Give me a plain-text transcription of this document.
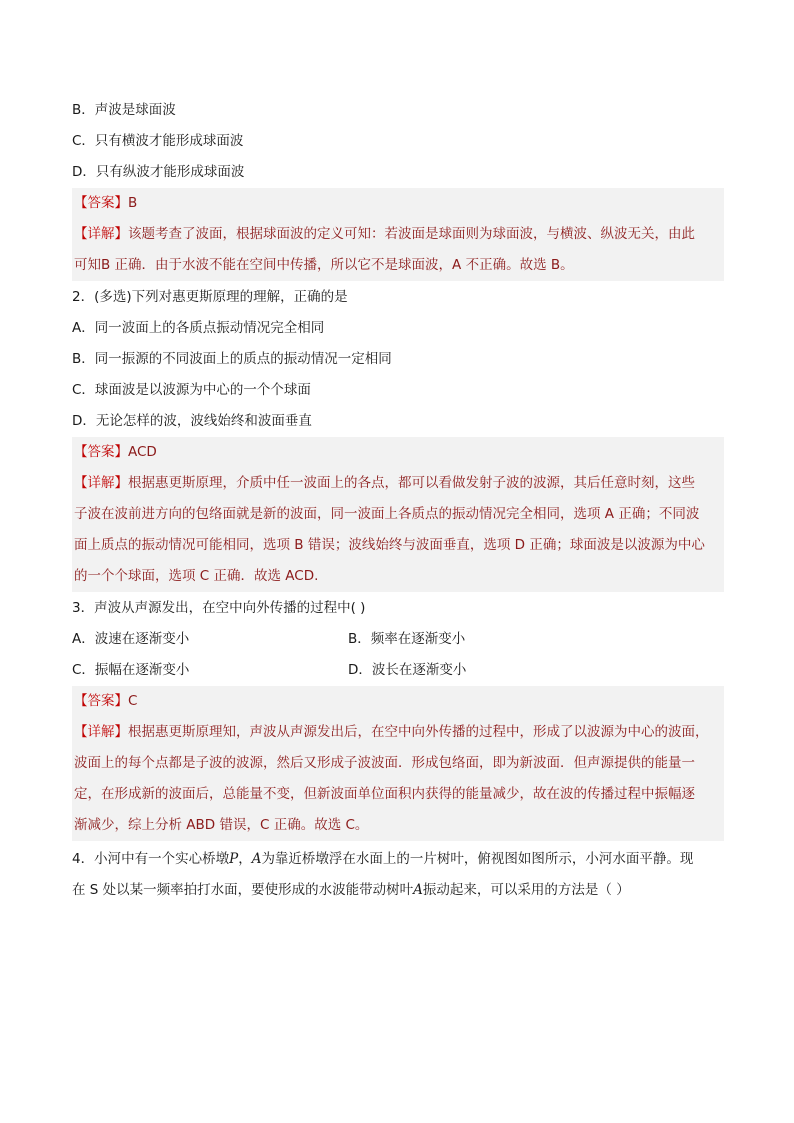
B．声波是球面波
C．只有横波才能形成球面波
D．只有纵波才能形成球面波
【答案】B
【详解】该题考查了波面，根据球面波的定义可知：若波面是球面则为球面波，与横波、纵波无关，由此
可知B 正确．由于水波不能在空间中传播，所以它不是球面波，A 不正确。故选 B。
2．(多选)下列对惠更斯原理的理解，正确的是
A．同一波面上的各质点振动情况完全相同
B．同一振源的不同波面上的质点的振动情况一定相同
C．球面波是以波源为中心的一个个球面
D．无论怎样的波，波线始终和波面垂直
【答案】ACD
【详解】根据惠更斯原理，介质中任一波面上的各点，都可以看做发射子波的波源，其后任意时刻，这些
子波在波前进方向的包络面就是新的波面，同一波面上各质点的振动情况完全相同，选项 A 正确；不同波
面上质点的振动情况可能相同，选项 B 错误；波线始终与波面垂直，选项 D 正确；球面波是以波源为中心
的一个个球面，选项 C 正确．故选 ACD.
3．声波从声源发出，在空中向外传播的过程中( )
A．波速在逐渐变小	B．频率在逐渐变小
C．振幅在逐渐变小	D．波长在逐渐变小
【答案】C
【详解】根据惠更斯原理知，声波从声源发出后，在空中向外传播的过程中，形成了以波源为中心的波面，
波面上的每个点都是子波的波源，然后又形成子波波面．形成包络面，即为新波面．但声源提供的能量一
定，在形成新的波面后，总能量不变，但新波面单位面积内获得的能量减少，故在波的传播过程中振幅逐
渐减少，综上分析 ABD 错误，C 正确。故选 C。
4．小河中有一个实心桥墩P，A为靠近桥墩浮在水面上的一片树叶，俯视图如图所示，小河水面平静。现
在 S 处以某一频率拍打水面，要使形成的水波能带动树叶A振动起来，可以采用的方法是（ ）
